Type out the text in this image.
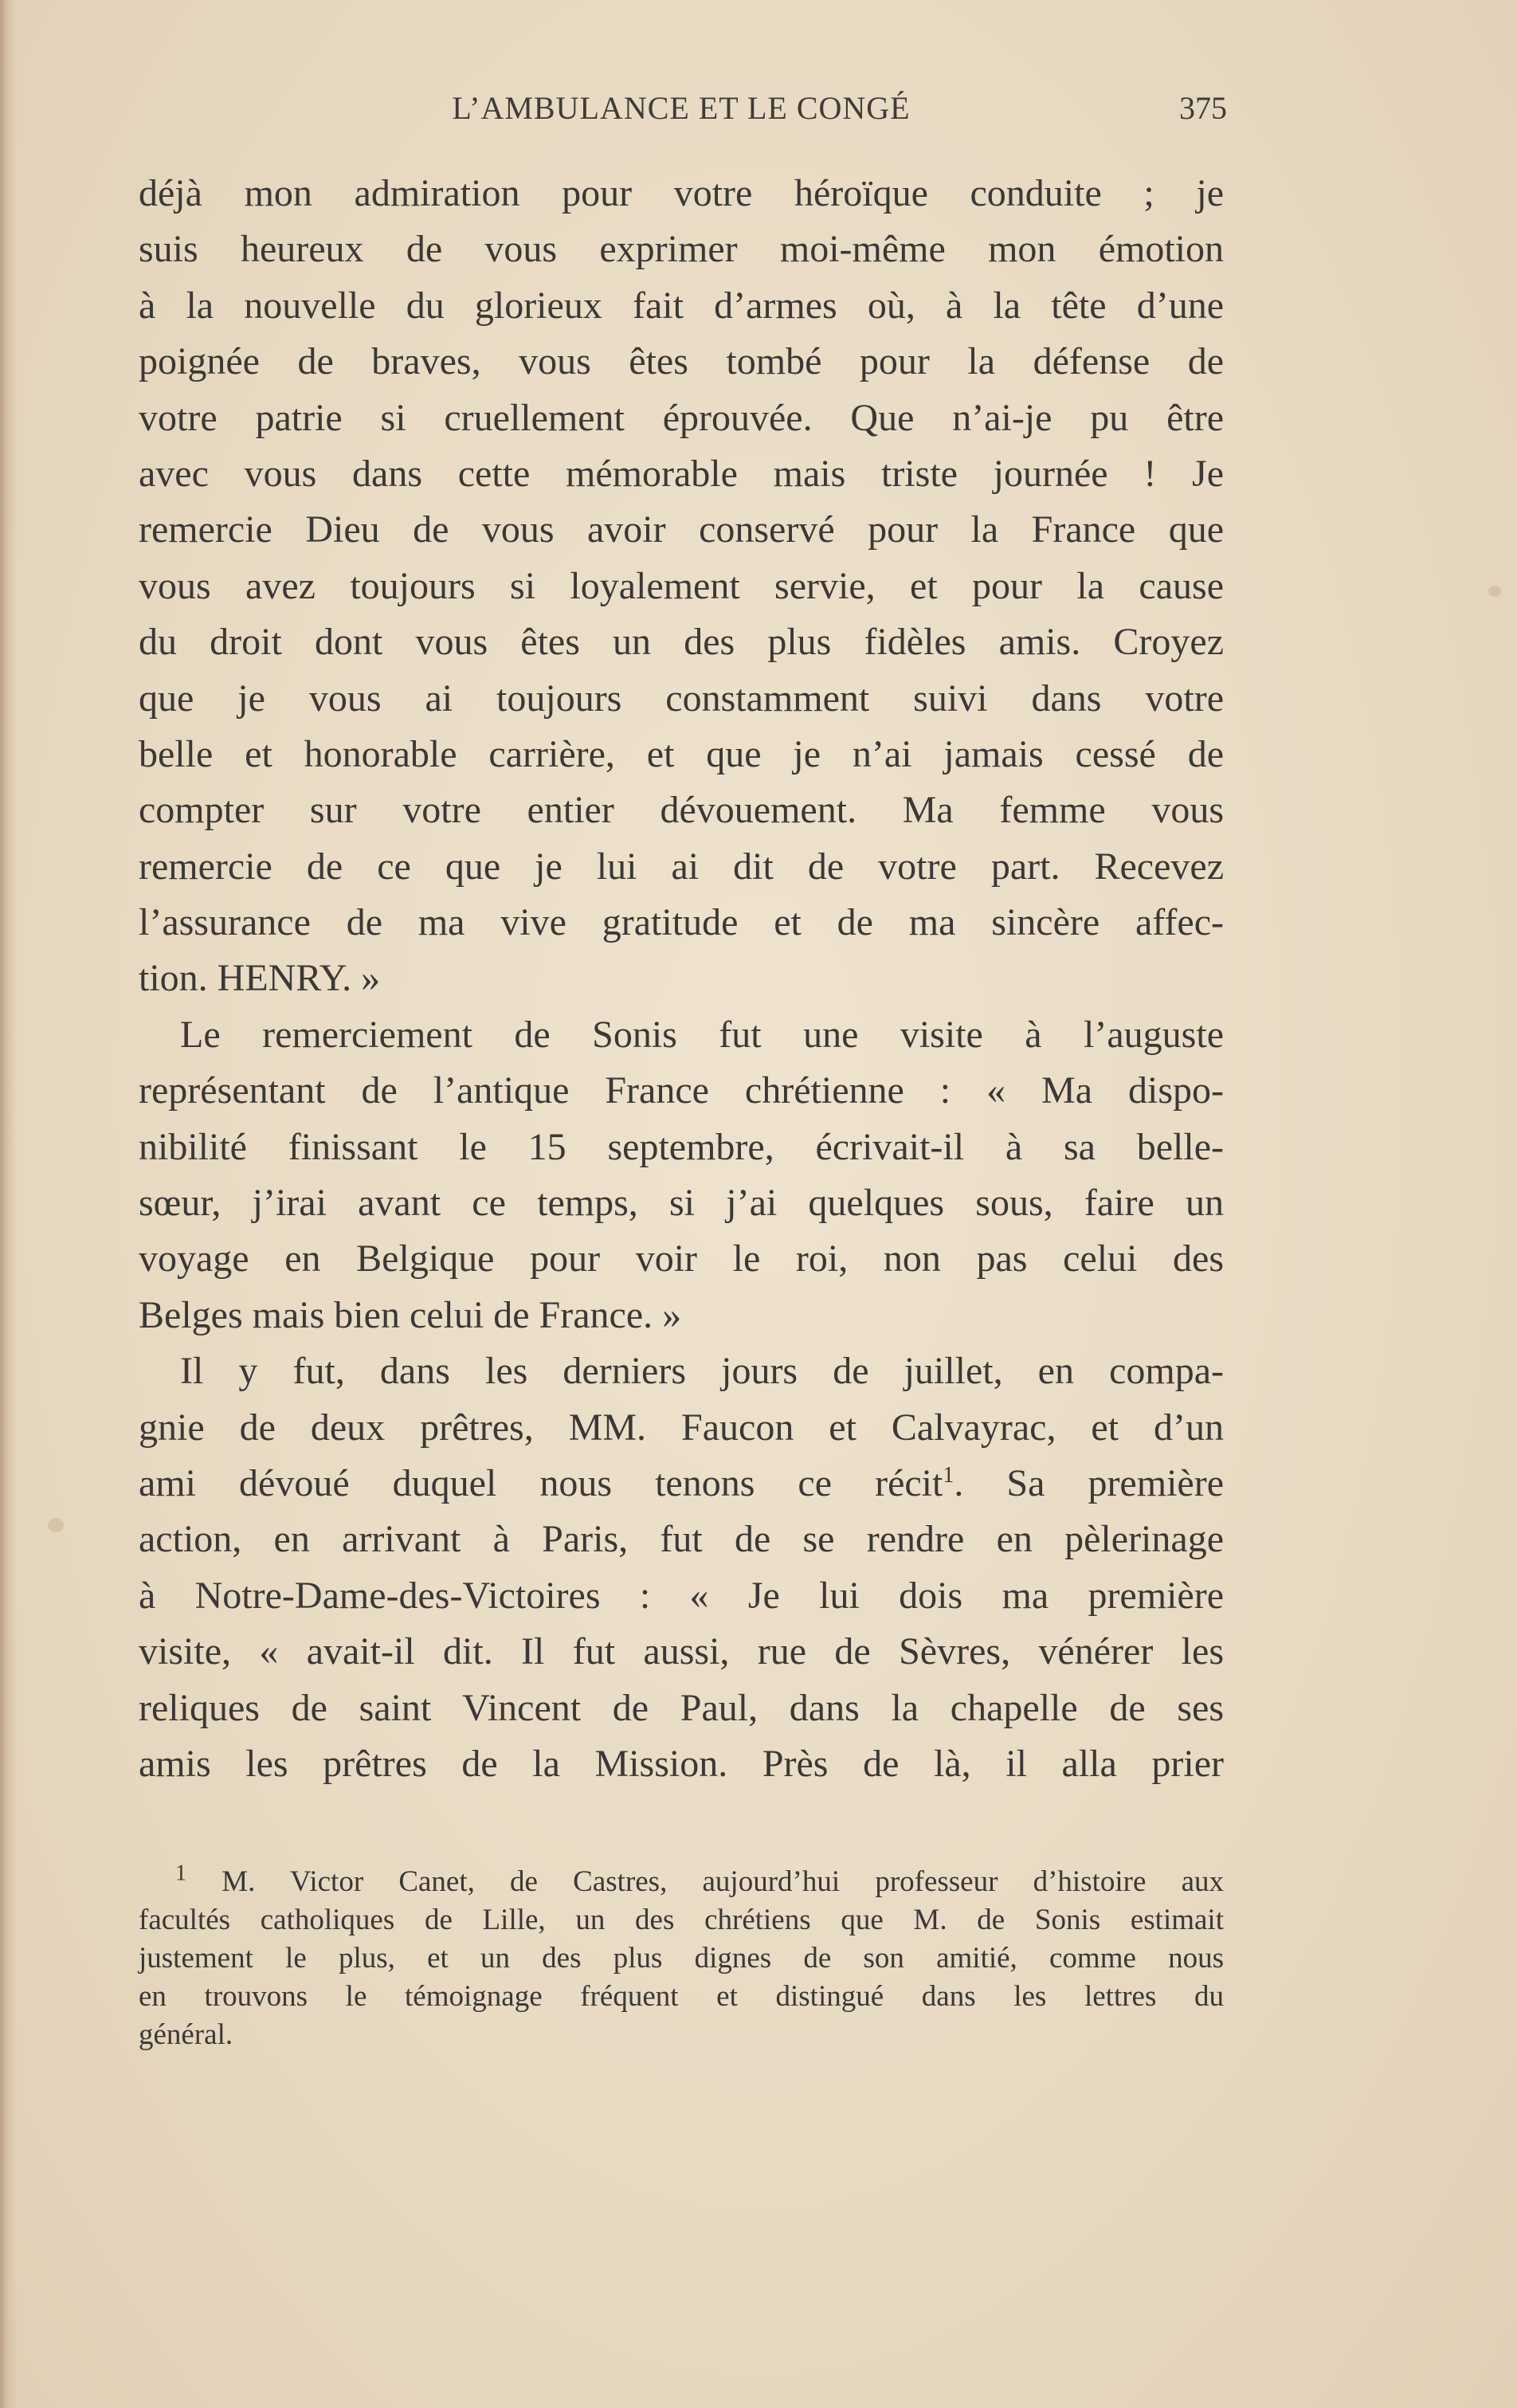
L’AMBULANCE ET LE CONGÉ	375
déjà mon admiration pour votre héroïque conduite ; je
suis heureux de vous exprimer moi-même mon émotion
à la nouvelle du glorieux fait d’armes où, à la tête d’une
poignée de braves, vous êtes tombé pour la défense de
votre patrie si cruellement éprouvée. Que n’ai-je pu être
avec vous dans cette mémorable mais triste journée ! Je
remercie Dieu de vous avoir conservé pour la France que
vous avez toujours si loyalement servie, et pour la cause
du droit dont vous êtes un des plus fidèles amis. Croyez
que je vous ai toujours constamment suivi dans votre
belle et honorable carrière, et que je n’ai jamais cessé de
compter sur votre entier dévouement. Ma femme vous
remercie de ce que je lui ai dit de votre part. Recevez
l’assurance de ma vive gratitude et de ma sincère affec-
tion. HENRY. »
Le remerciement de Sonis fut une visite à l’auguste
représentant de l’antique France chrétienne : « Ma dispo-
nibilité finissant le 15 septembre, écrivait-il à sa belle-
sœur, j’irai avant ce temps, si j’ai quelques sous, faire un
voyage en Belgique pour voir le roi, non pas celui des
Belges mais bien celui de France. »
Il y fut, dans les derniers jours de juillet, en compa-
gnie de deux prêtres, MM. Faucon et Calvayrac, et d’un
ami dévoué duquel nous tenons ce récit$^1$. Sa première
action, en arrivant à Paris, fut de se rendre en pèlerinage
à Notre-Dame-des-Victoires : « Je lui dois ma première
visite, « avait-il dit. Il fut aussi, rue de Sèvres, vénérer les
reliques de saint Vincent de Paul, dans la chapelle de ses
amis les prêtres de la Mission. Près de là, il alla prier
$^1$ M. Victor Canet, de Castres, aujourd’hui professeur d’histoire aux
facultés catholiques de Lille, un des chrétiens que M. de Sonis estimait
justement le plus, et un des plus dignes de son amitié, comme nous
en trouvons le témoignage fréquent et distingué dans les lettres du
général.
